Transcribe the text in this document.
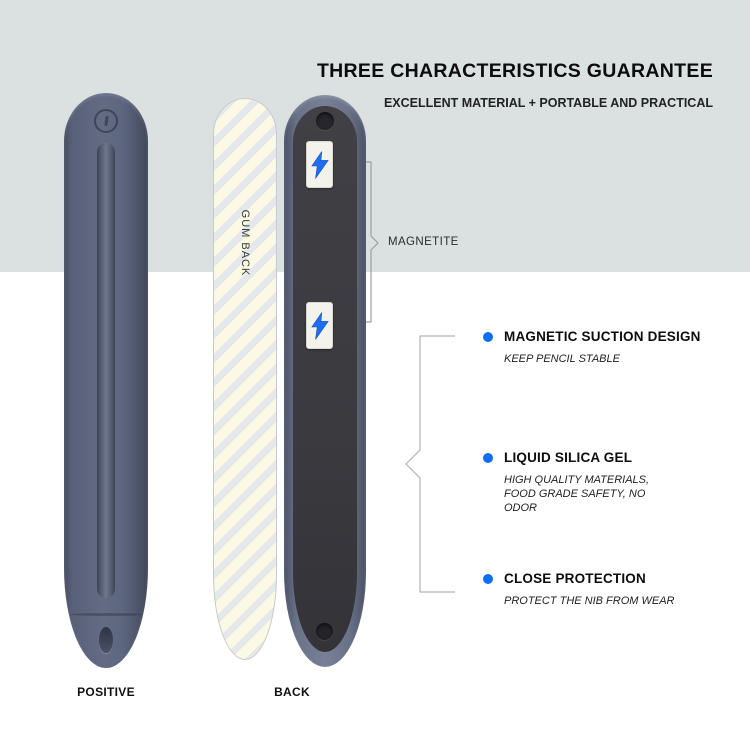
THREE CHARACTERISTICS GUARANTEE
EXCELLENT MATERIAL + PORTABLE AND PRACTICAL
GUM BACK	MAGNETITE
MAGNETIC SUCTION DESIGN
KEEP PENCIL STABLE
LIQUID SILICA GEL
HIGH QUALITY MATERIALS, FOOD GRADE SAFETY, NO ODOR
CLOSE PROTECTION
PROTECT THE NIB FROM WEAR
POSITIVE	BACK
